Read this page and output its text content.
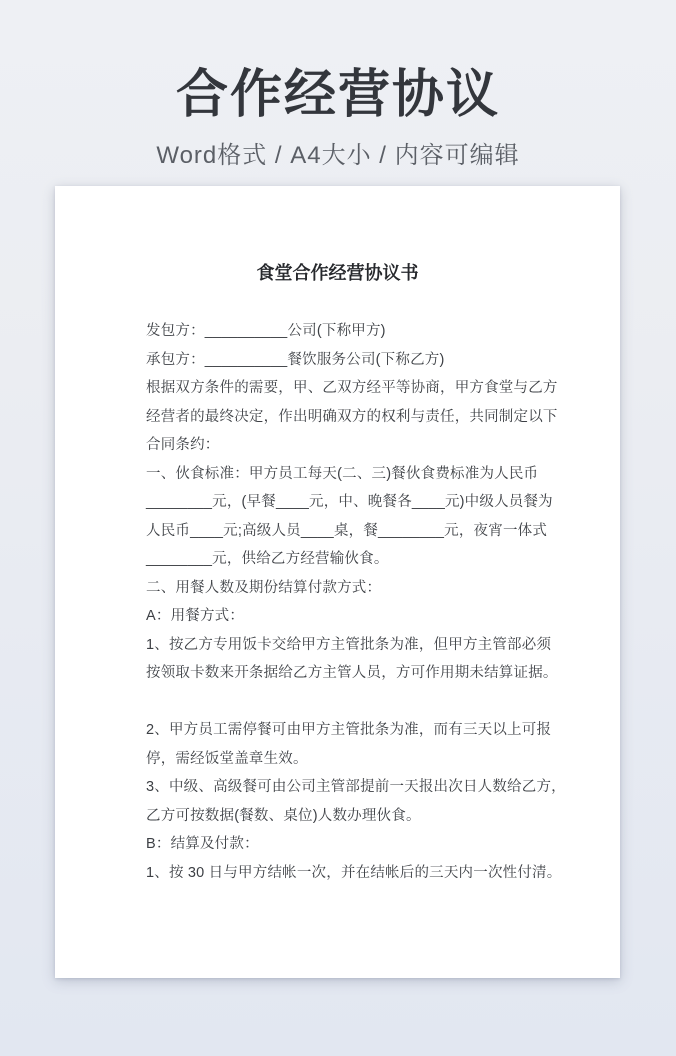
合作经营协议
Word格式 / A4大小 / 内容可编辑
食堂合作经营协议书
发包方：__________公司(下称甲方)
承包方：__________餐饮服务公司(下称乙方)
根据双方条件的需要，甲、乙双方经平等协商，甲方食堂与乙方
经营者的最终决定，作出明确双方的权利与责任，共同制定以下
合同条约：
一、伙食标准：甲方员工每天(二、三)餐伙食费标准为人民币
________元，(早餐____元，中、晚餐各____元)中级人员餐为
人民币____元;高级人员____桌，餐________元，夜宵一体式
________元，供给乙方经营输伙食。
二、用餐人数及期份结算付款方式：
A：用餐方式：
1、按乙方专用饭卡交给甲方主管批条为准，但甲方主管部必须
按领取卡数来开条据给乙方主管人员，方可作用期未结算证据。
2、甲方员工需停餐可由甲方主管批条为准，而有三天以上可报
停，需经饭堂盖章生效。
3、中级、高级餐可由公司主管部提前一天报出次日人数给乙方，
乙方可按数据(餐数、桌位)人数办理伙食。
B：结算及付款：
1、按 30 日与甲方结帐一次，并在结帐后的三天内一次性付清。
